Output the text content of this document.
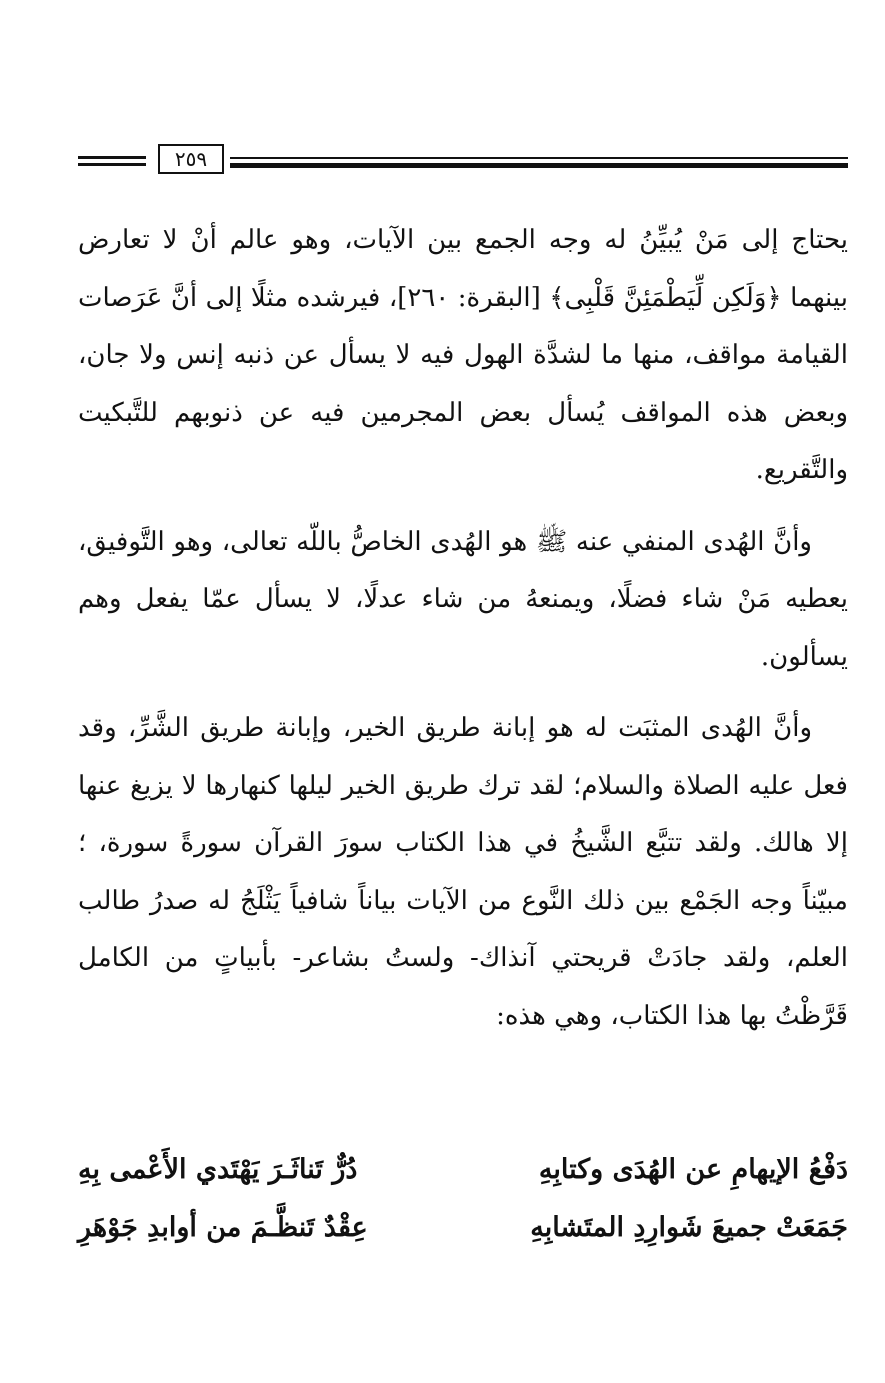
٢٥٩

يحتاج إلى مَنْ يُبيِّنُ له وجه الجمع بين الآيات، وهو عالم أنْ لا تعارض بينهما ﴿وَلَكِن لِّيَطْمَئِنَّ قَلْبِى﴾ [البقرة: ٢٦٠]، فيرشده مثلًا إلى أنَّ عَرَصات القيامة مواقف، منها ما لشدَّة الهول فيه لا يسأل عن ذنبه إنس ولا جان، وبعض هذه المواقف يُسأل بعض المجرمين فيه عن ذنوبهم للتَّبكيت والتَّقريع.

وأنَّ الهُدى المنفي عنه ﷺ هو الهُدى الخاصُّ باللّه تعالى، وهو التَّوفيق، يعطيه مَنْ شاء فضلًا، ويمنعهُ من شاء عدلًا، لا يسأل عمّا يفعل وهم يسألون.

وأنَّ الهُدى المثبَت له هو إبانة طريق الخير، وإبانة طريق الشَّرِّ، وقد فعل عليه الصلاة والسلام؛ لقد ترك طريق الخير ليلها كنهارها لا يزيغ عنها إلا هالك. ولقد تتبَّع الشَّيخُ في هذا الكتاب سورَ القرآن سورةً سورة، ؛ مبيّناً وجه الجَمْع بين ذلك النَّوع من الآيات بياناً شافياً يَثْلَجُ له صدرُ طالب العلم، ولقد جادَتْ قريحتي آنذاك- ولستُ بشاعر- بأبياتٍ من الكامل قَرَّظْتُ بها هذا الكتاب، وهي هذه:

دَفْعُ الإيهامِ عن الهُدَى وكتابِهِ
دُرٌّ تَناثَـرَ يَهْتَدي الأَعْمى بِهِ
جَمَعَتْ جميعَ شَوارِدِ المتَشابِهِ
عِقْدٌ تَنظَّـمَ من أوابدِ جَوْهَرِ
